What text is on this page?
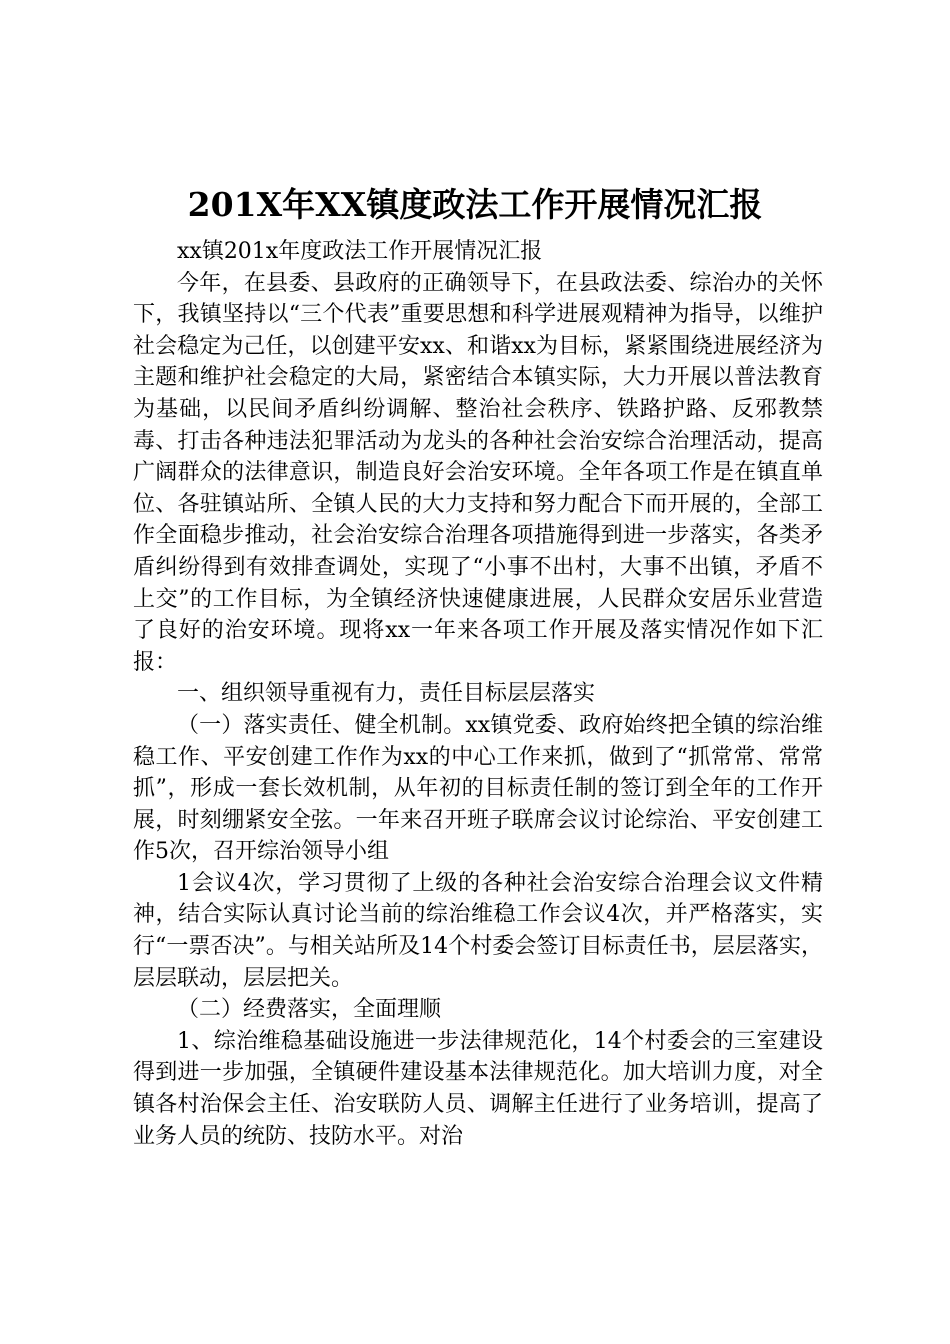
201X年XX镇度政法工作开展情况汇报

xx镇201x年度政法工作开展情况汇报

今年，在县委、县政府的正确领导下，在县政法委、综治办的关怀下，我镇坚持以“三个代表”重要思想和科学进展观精神为指导，以维护社会稳定为己任，以创建平安xx、和谐xx为目标，紧紧围绕进展经济为主题和维护社会稳定的大局，紧密结合本镇实际，大力开展以普法教育为基础，以民间矛盾纠纷调解、整治社会秩序、铁路护路、反邪教禁毒、打击各种违法犯罪活动为龙头的各种社会治安综合治理活动，提高广阔群众的法律意识，制造良好会治安环境。全年各项工作是在镇直单位、各驻镇站所、全镇人民的大力支持和努力配合下而开展的，全部工作全面稳步推动，社会治安综合治理各项措施得到进一步落实，各类矛盾纠纷得到有效排查调处，实现了“小事不出村，大事不出镇，矛盾不上交”的工作目标，为全镇经济快速健康进展，人民群众安居乐业营造了良好的治安环境。现将xx一年来各项工作开展及落实情况作如下汇报：

一、组织领导重视有力，责任目标层层落实

（一）落实责任、健全机制。xx镇党委、政府始终把全镇的综治维稳工作、平安创建工作作为xx的中心工作来抓，做到了“抓常常、常常抓”，形成一套长效机制，从年初的目标责任制的签订到全年的工作开展，时刻绷紧安全弦。一年来召开班子联席会议讨论综治、平安创建工作5次，召开综治领导小组

1会议4次，学习贯彻了上级的各种社会治安综合治理会议文件精神，结合实际认真讨论当前的综治维稳工作会议4次，并严格落实，实行“一票否决”。与相关站所及14个村委会签订目标责任书，层层落实，层层联动，层层把关。

（二）经费落实，全面理顺

1、综治维稳基础设施进一步法律规范化，14个村委会的三室建设得到进一步加强，全镇硬件建设基本法律规范化。加大培训力度，对全镇各村治保会主任、治安联防人员、调解主任进行了业务培训，提高了业务人员的统防、技防水平。对治
